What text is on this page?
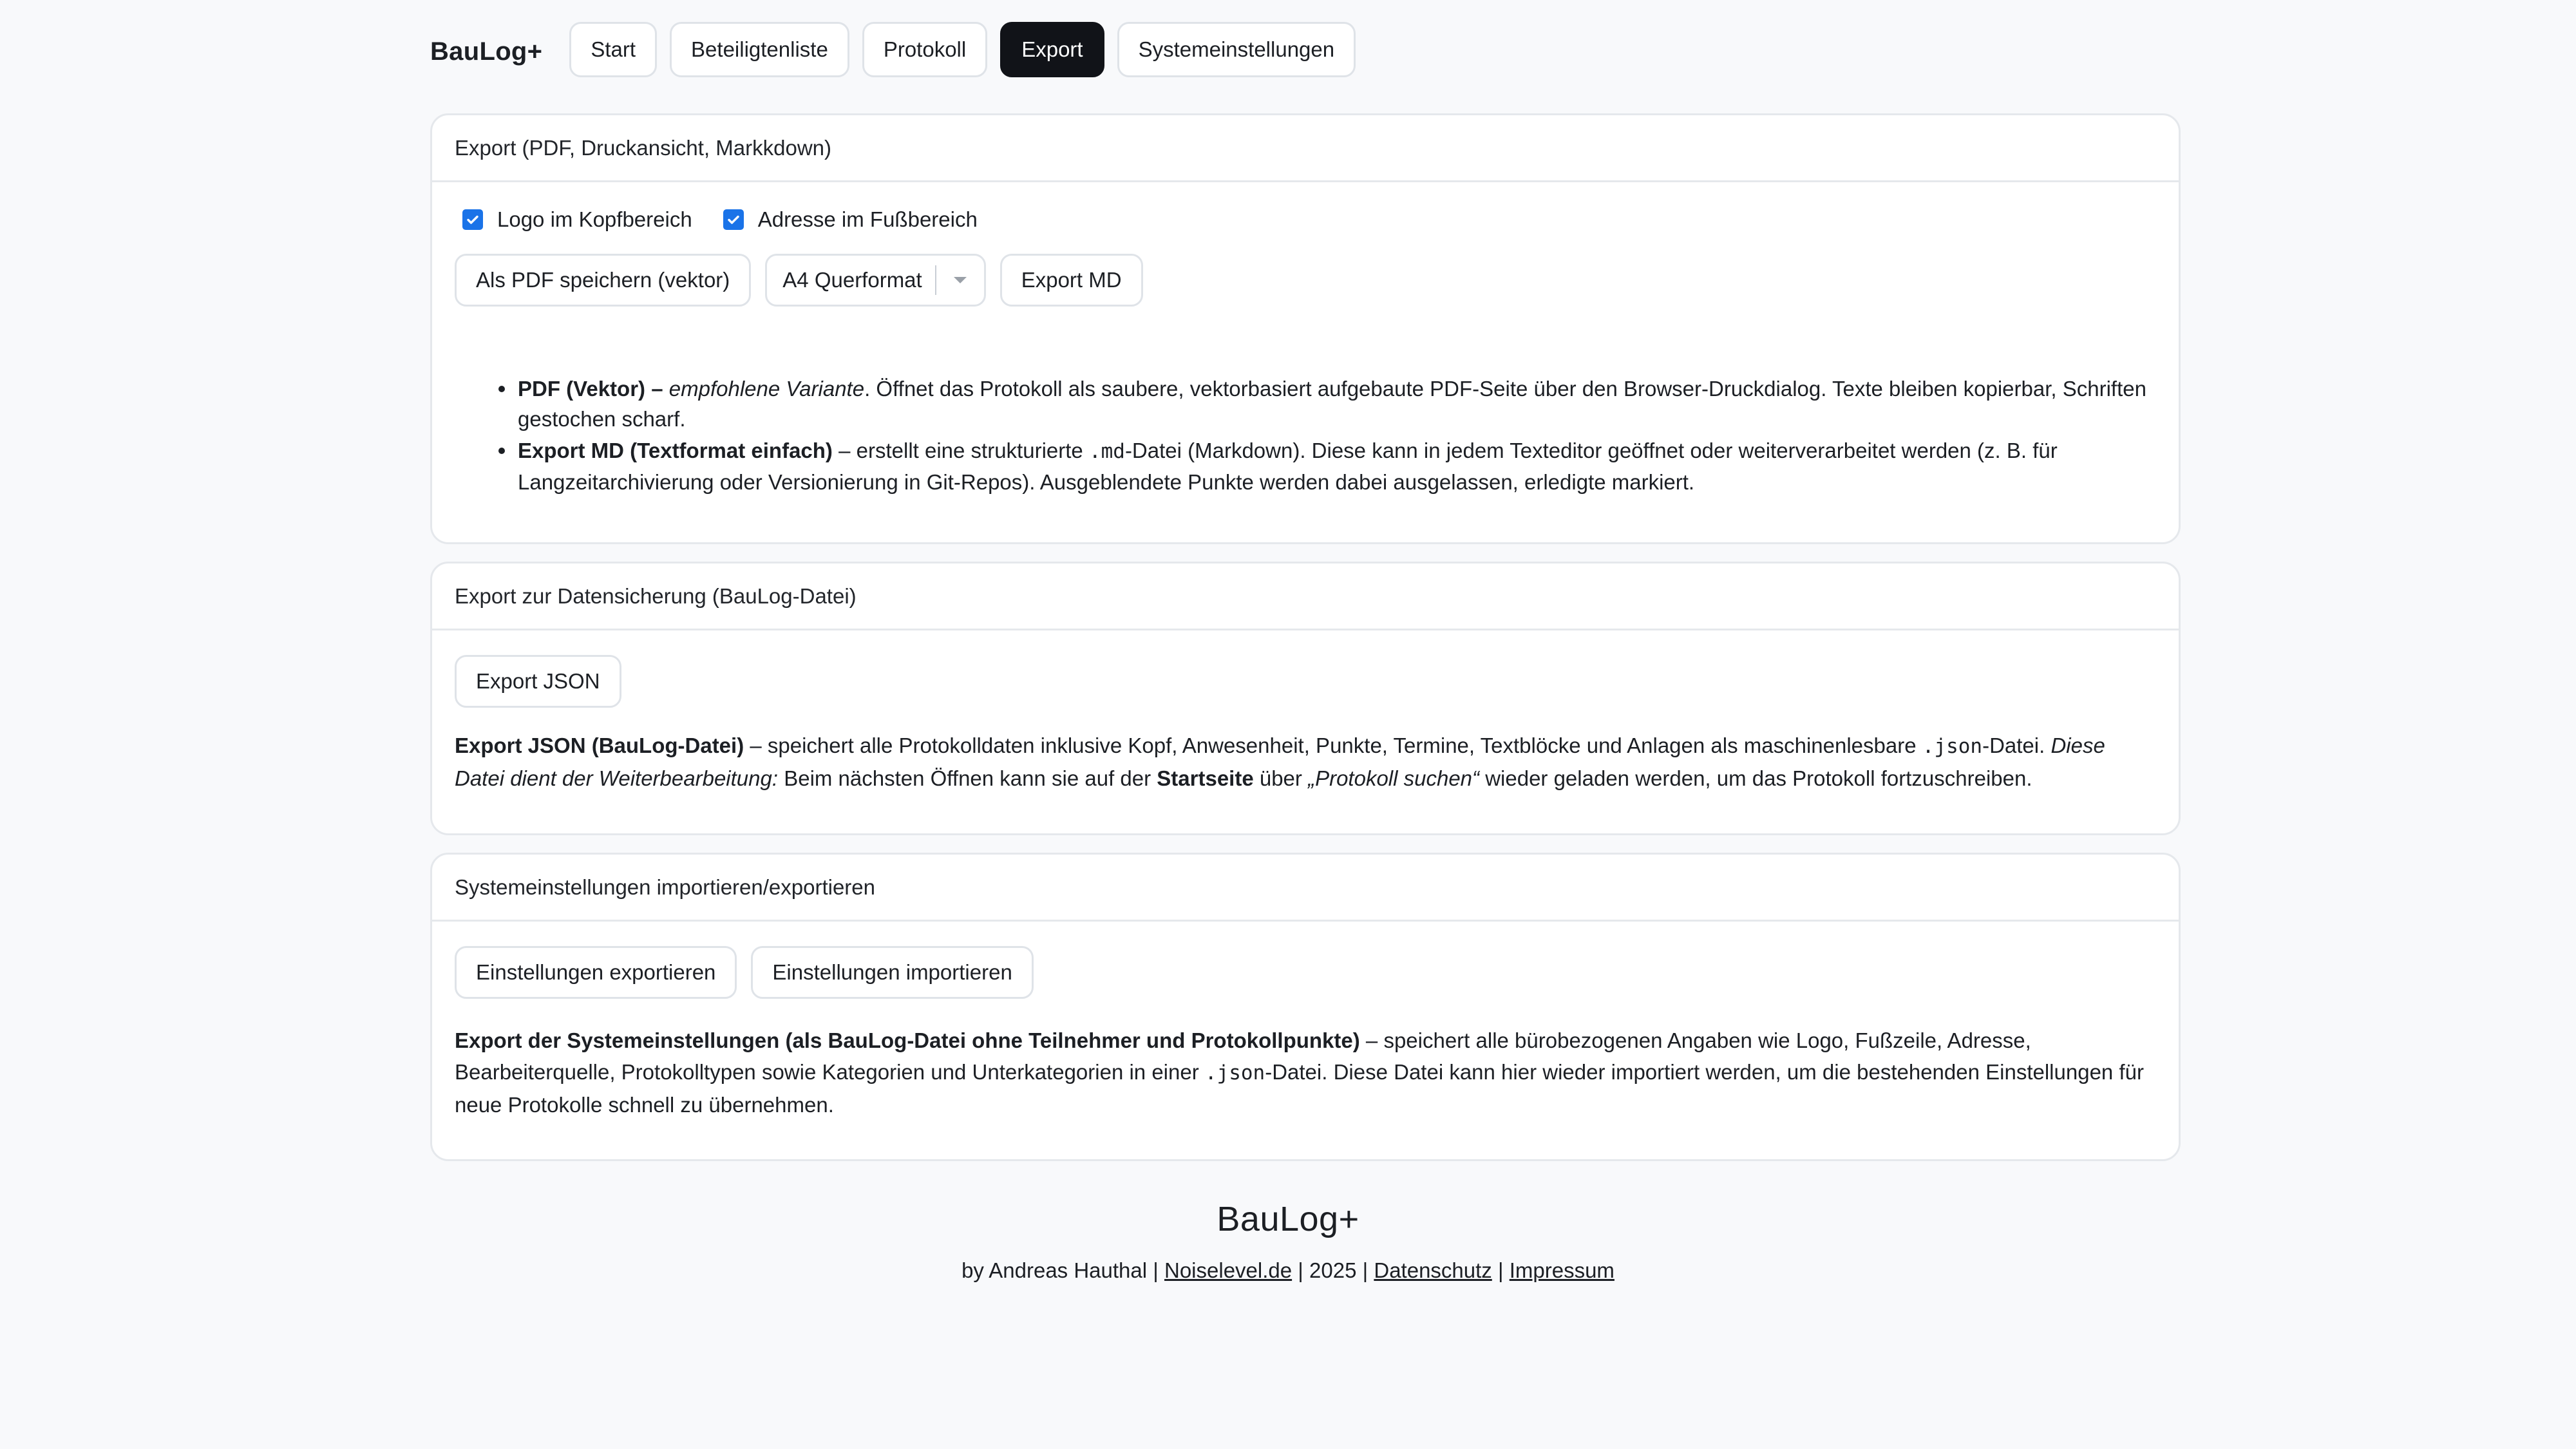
BauLog+	Start	Beteiligtenliste	Protokoll	Export	Systemeinstellungen
Export (PDF, Druckansicht, Markkdown)
Logo im Kopfbereich	Adresse im Fußbereich
Als PDF speichern (vektor)	A4 Querformat	Export MD
PDF (Vektor) – empfohlene Variante. Öffnet das Protokoll als saubere, vektorbasiert aufgebaute PDF-Seite über den Browser-Druckdialog. Texte bleiben kopierbar, Schriften gestochen scharf.
Export MD (Textformat einfach) – erstellt eine strukturierte .md-Datei (Markdown). Diese kann in jedem Texteditor geöffnet oder weiterverarbeitet werden (z. B. für Langzeitarchivierung oder Versionierung in Git-Repos). Ausgeblendete Punkte werden dabei ausgelassen, erledigte markiert.
Export zur Datensicherung (BauLog-Datei)
Export JSON

Export JSON (BauLog-Datei) – speichert alle Protokolldaten inklusive Kopf, Anwesenheit, Punkte, Termine, Textblöcke und Anlagen als maschinenlesbare .json-Datei. Diese Datei dient der Weiterbearbeitung: Beim nächsten Öffnen kann sie auf der Startseite über „Protokoll suchen“ wieder geladen werden, um das Protokoll fortzuschreiben.

Systemeinstellungen importieren/exportieren
Einstellungen exportieren	Einstellungen importieren

Export der Systemeinstellungen (als BauLog-Datei ohne Teilnehmer und Protokollpunkte) – speichert alle bürobezogenen Angaben wie Logo, Fußzeile, Adresse, Bearbeiterquelle, Protokolltypen sowie Kategorien und Unterkategorien in einer .json-Datei. Diese Datei kann hier wieder importiert werden, um die bestehenden Einstellungen für neue Protokolle schnell zu übernehmen.

BauLog+
by Andreas Hauthal | Noiselevel.de | 2025 | Datenschutz | Impressum
